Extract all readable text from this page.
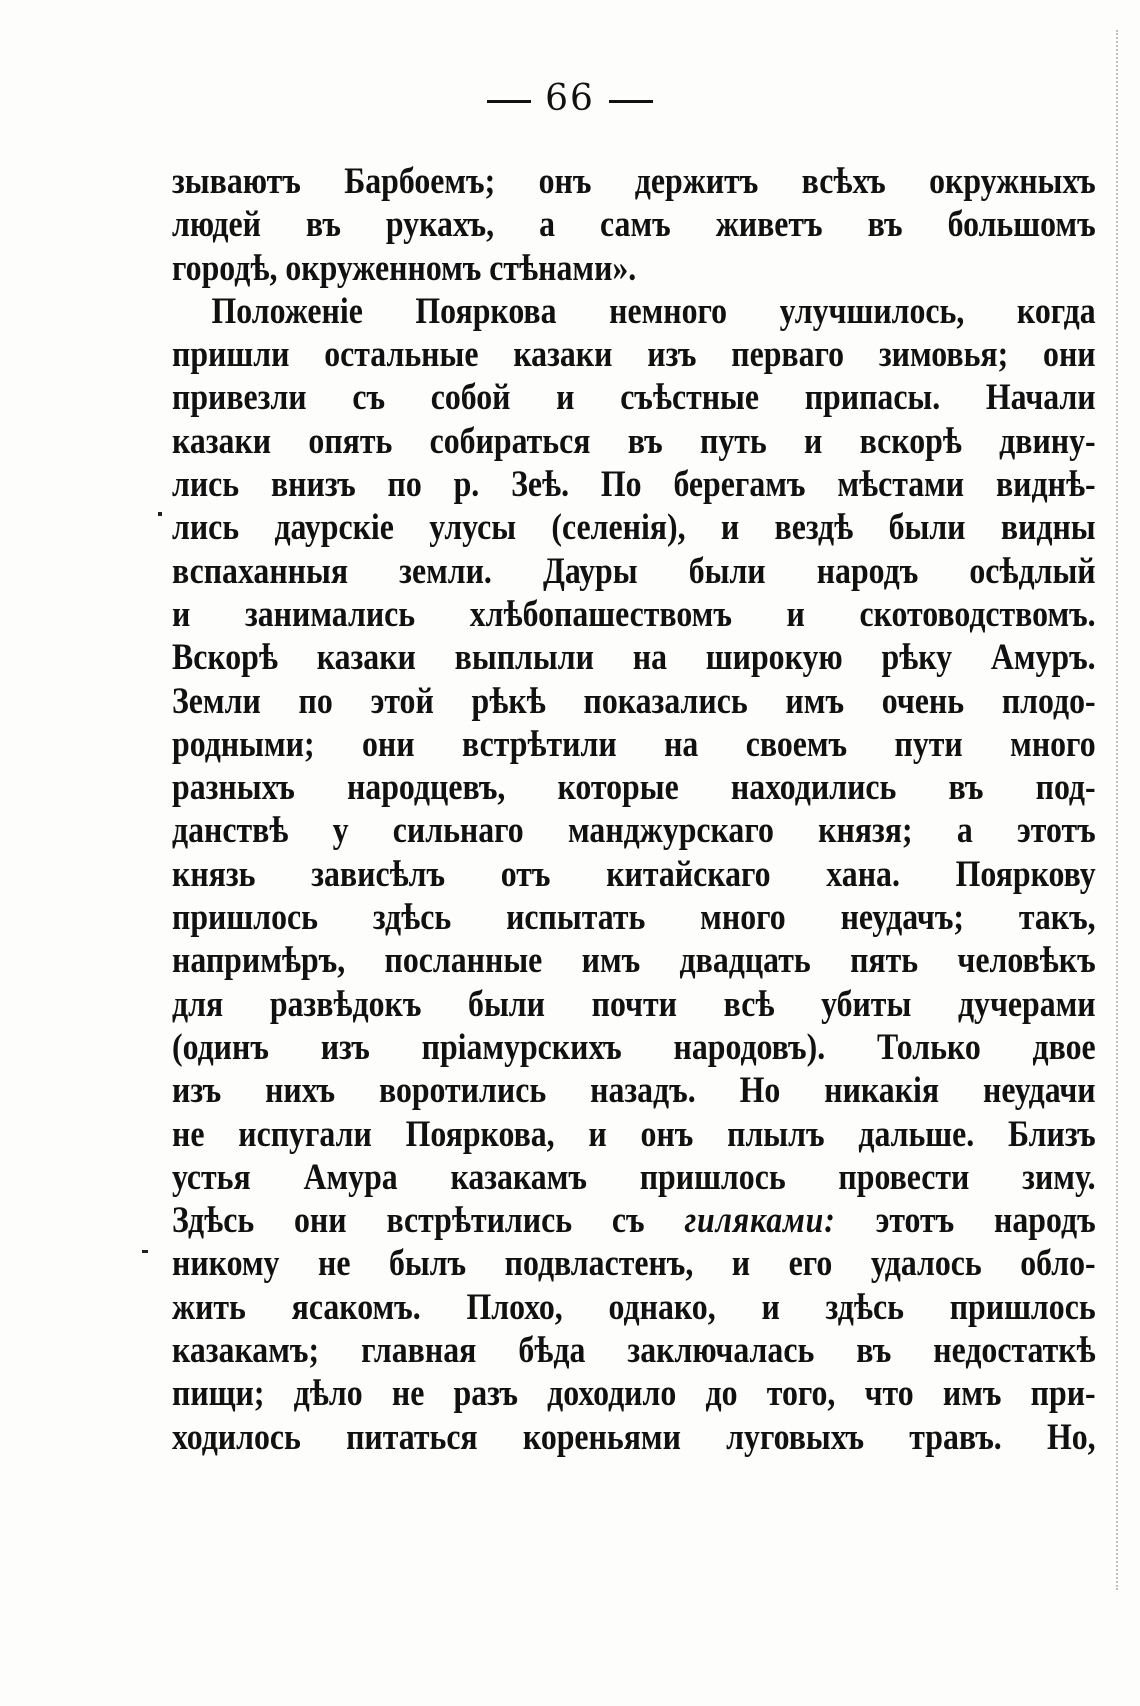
66
зываютъ Барбоемъ; онъ держитъ всѣхъ окружныхъ
людей въ рукахъ, а самъ живетъ въ большомъ
городѣ, окруженномъ стѣнами».
Положеніе Пояркова немного улучшилось, когда
пришли остальные казаки изъ перваго зимовья; они
привезли съ собой и съѣстные припасы. Начали
казаки опять собираться въ путь и вскорѣ двину-
лись внизъ по р. Зеѣ. По берегамъ мѣстами виднѣ-
лись даурскіе улусы (селенія), и вездѣ были видны
вспаханныя земли. Дауры были народъ осѣдлый
и занимались хлѣбопашествомъ и скотоводствомъ.
Вскорѣ казаки выплыли на широкую рѣку Амуръ.
Земли по этой рѣкѣ показались имъ очень плодо-
родными; они встрѣтили на своемъ пути много
разныхъ народцевъ, которые находились въ под-
данствѣ у сильнаго манджурскаго князя; а этотъ
князь зависѣлъ отъ китайскаго хана. Пояркову
пришлось здѣсь испытать много неудачъ; такъ,
напримѣръ, посланные имъ двадцать пять человѣкъ
для развѣдокъ были почти всѣ убиты дучерами
(одинъ изъ пріамурскихъ народовъ). Только двое
изъ нихъ воротились назадъ. Но никакія неудачи
не испугали Пояркова, и онъ плылъ дальше. Близъ
устья Амура казакамъ пришлось провести зиму.
Здѣсь они встрѣтились съ гиляками: этотъ народъ
никому не былъ подвластенъ, и его удалось обло-
жить ясакомъ. Плохо, однако, и здѣсь пришлось
казакамъ; главная бѣда заключалась въ недостаткѣ
пищи; дѣло не разъ доходило до того, что имъ при-
ходилось питаться кореньями луговыхъ травъ. Но,
